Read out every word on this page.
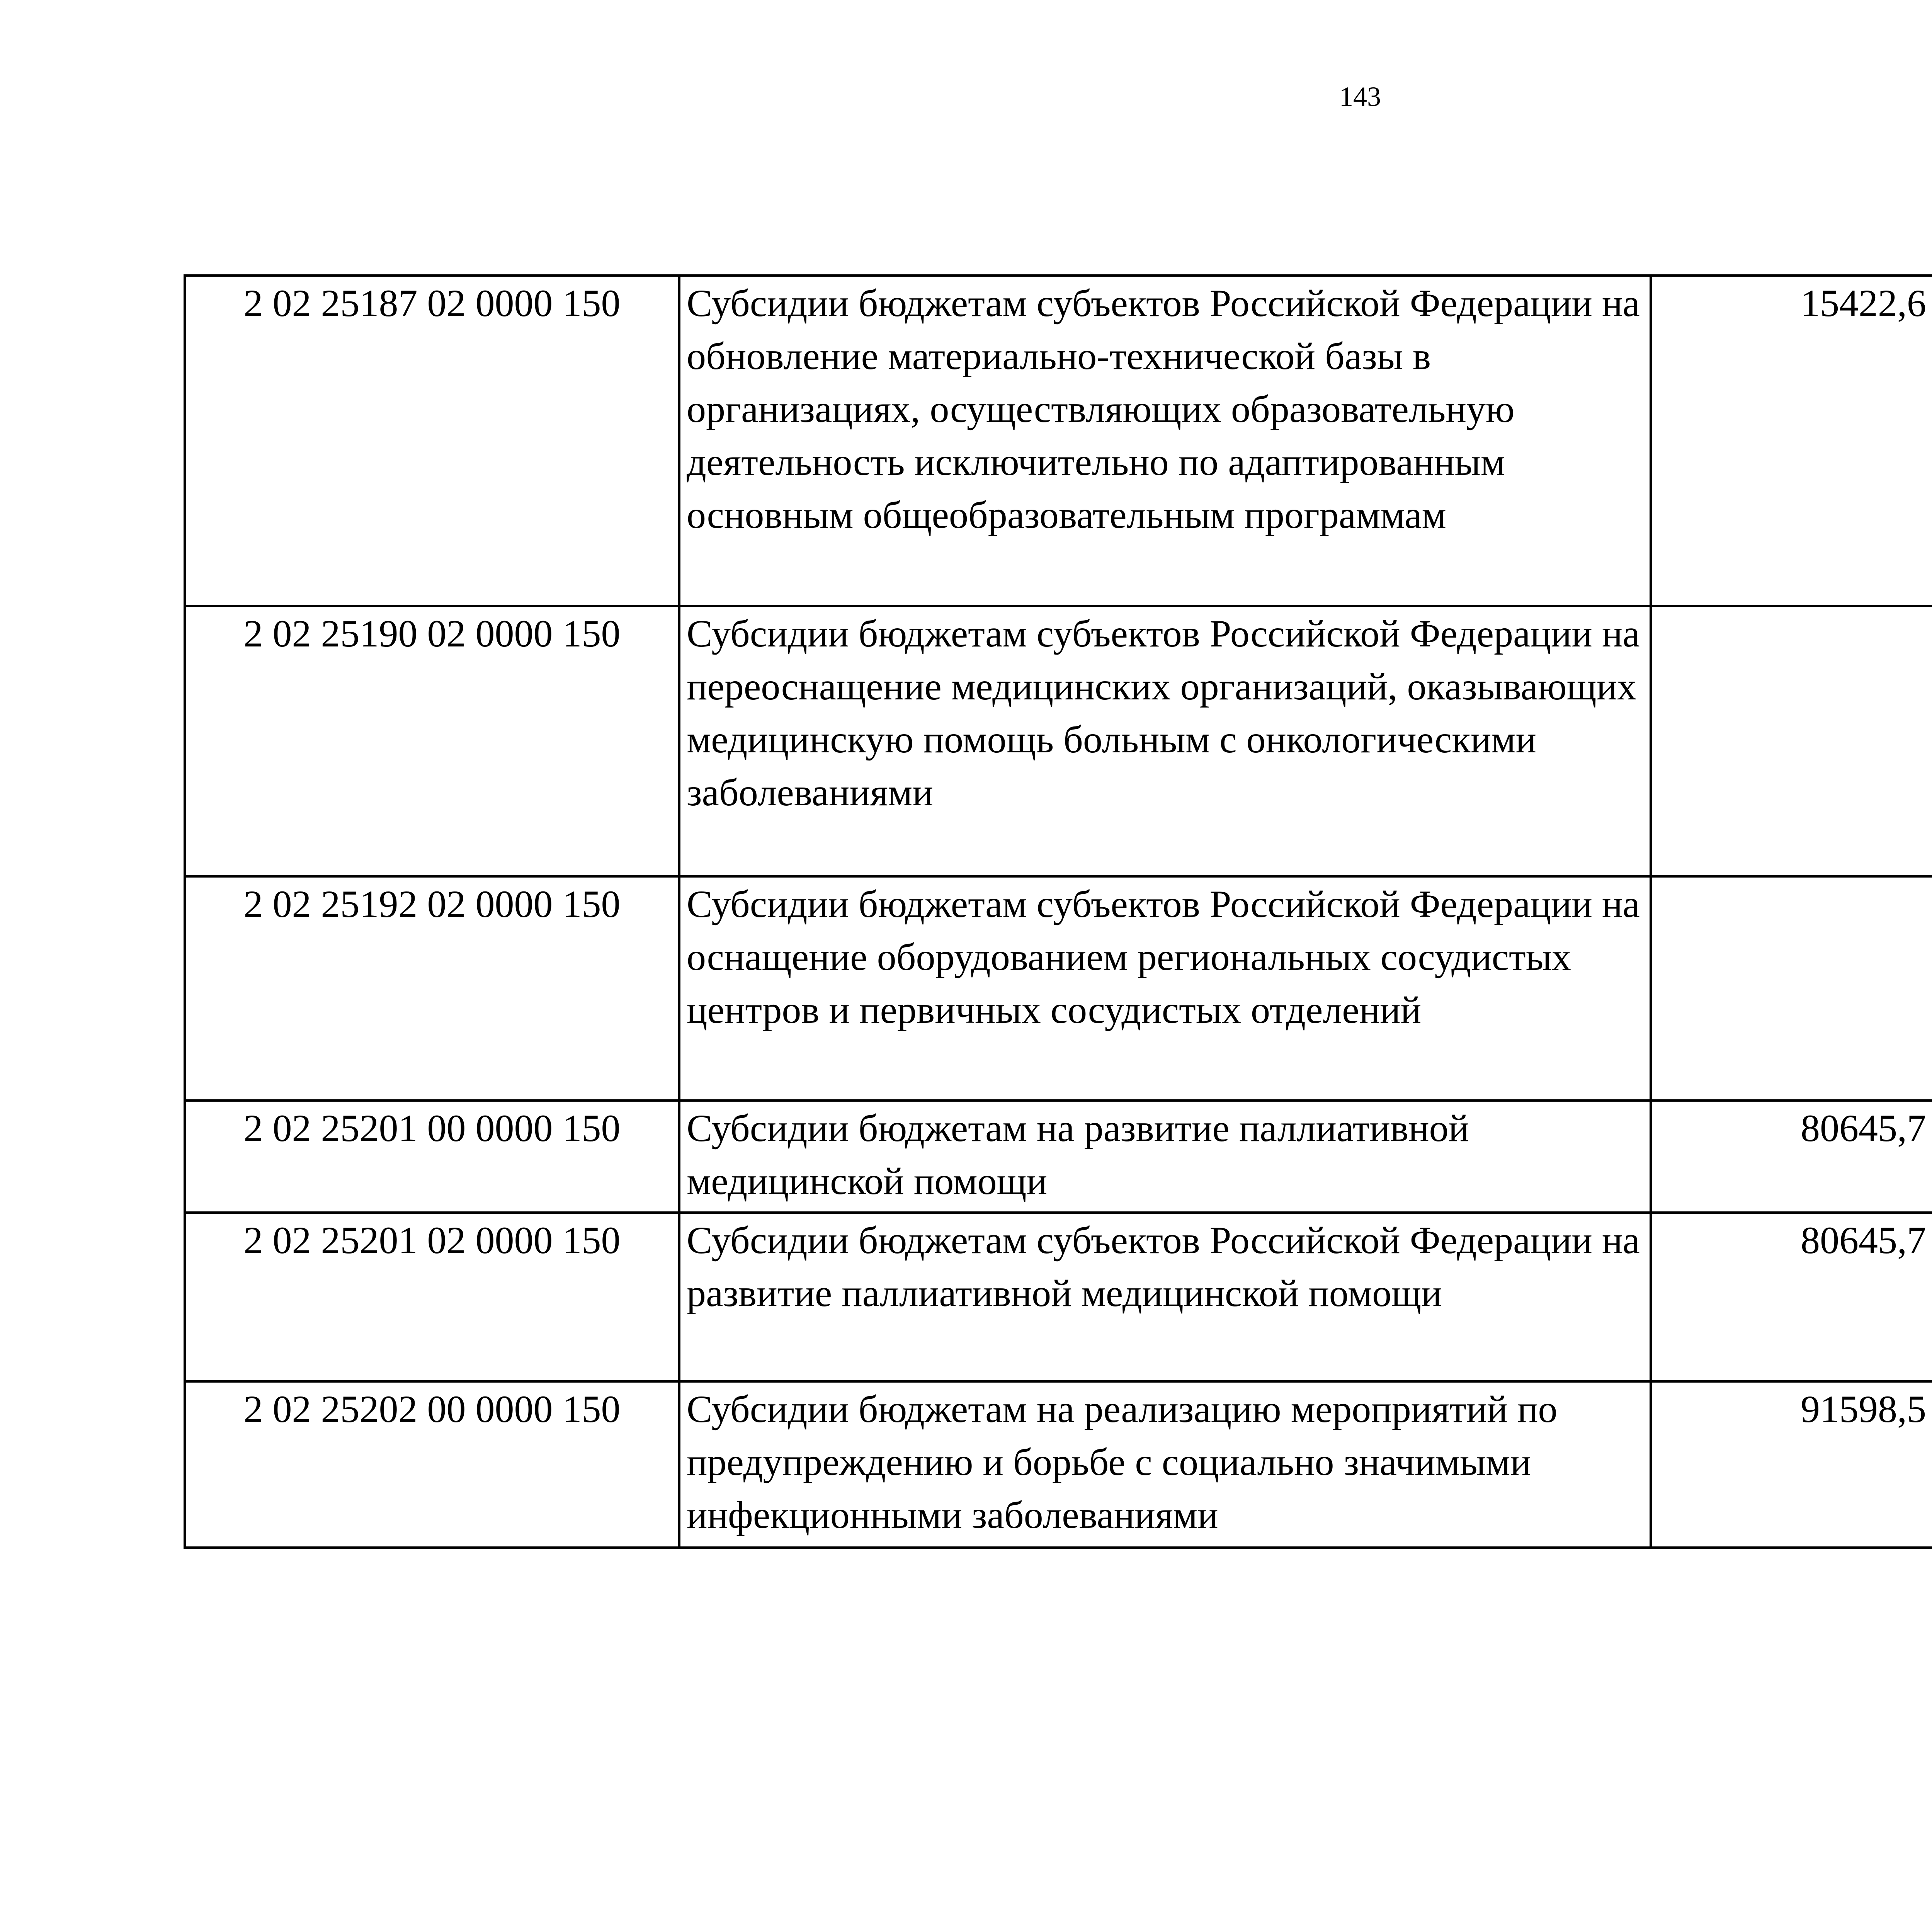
143
2 02 25187 02 0000 150	Субсидии бюджетам субъектов Российской Федерации на обновление материально-технической базы в организациях, осуществляющих образовательную деятельность исключительно по адаптированным основным общеобразовательным программам	15422,6		
2 02 25190 02 0000 150	Субсидии бюджетам субъектов Российской Федерации на переоснащение медицинских организаций, оказывающих медицинскую помощь больным с онкологическими заболеваниями			
2 02 25192 02 0000 150	Субсидии бюджетам субъектов Российской Федерации на оснащение оборудованием региональных сосудистых центров и первичных сосудистых отделений			
2 02 25201 00 0000 150	Субсидии бюджетам на развитие паллиативной медицинской помощи	80645,7		
2 02 25201 02 0000 150	Субсидии бюджетам субъектов Российской Федерации на развитие паллиативной медицинской помощи	80645,7		
2 02 25202 00 0000 150	Субсидии бюджетам на реализацию мероприятий по предупреждению и борьбе с социально значимыми инфекционными заболеваниями	91598,5		
